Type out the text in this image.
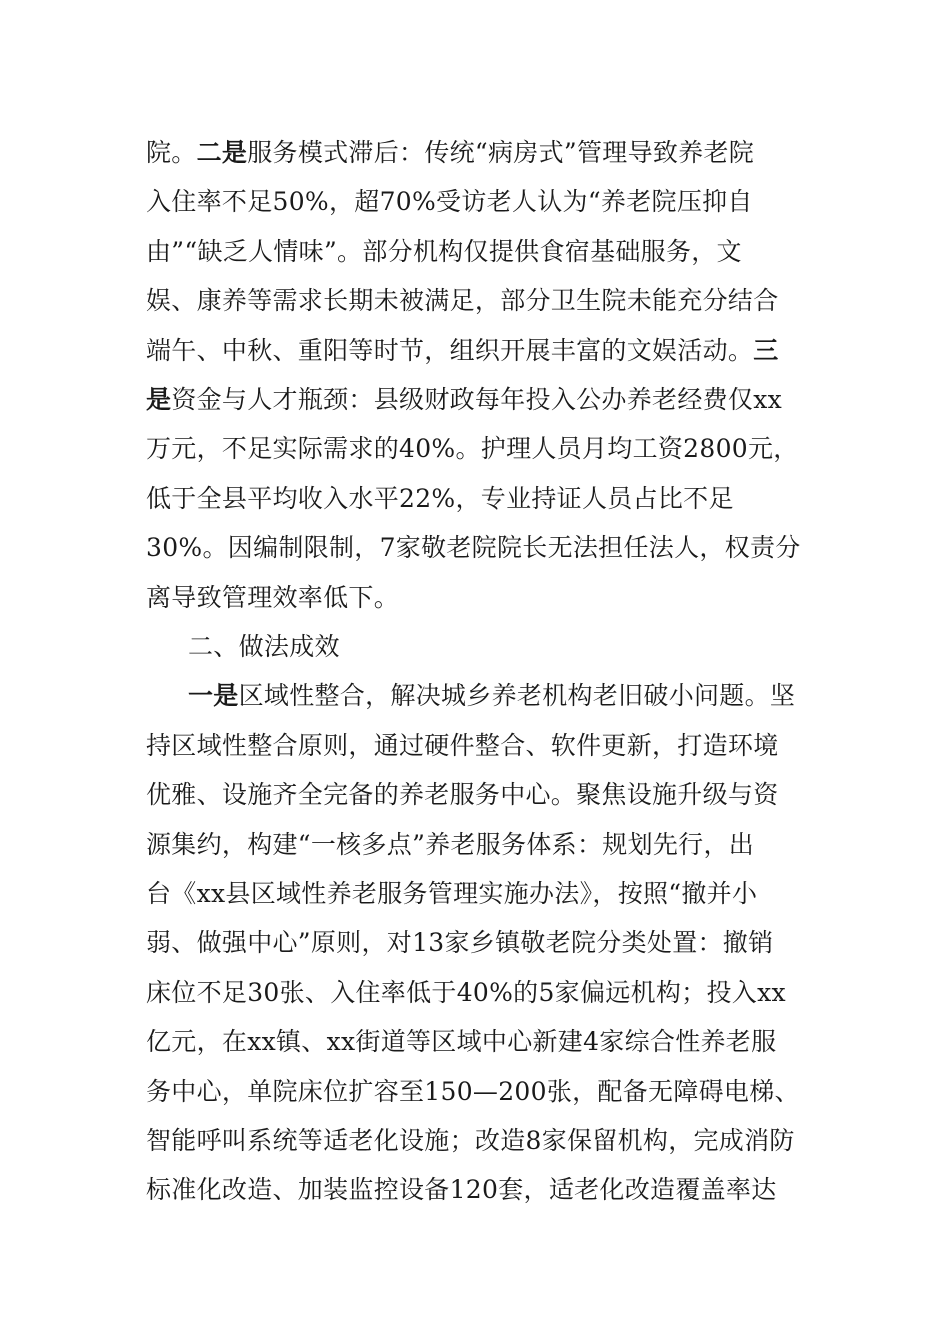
院。二是服务模式滞后：传统“病房式”管理导致养老院
入住率不足50%，超70%受访老人认为“养老院压抑自
由”“缺乏人情味”。部分机构仅提供食宿基础服务，文
娱、康养等需求长期未被满足，部分卫生院未能充分结合
端午、中秋、重阳等时节，组织开展丰富的文娱活动。三
是资金与人才瓶颈：县级财政每年投入公办养老经费仅xx
万元，不足实际需求的40%。护理人员月均工资2800元，
低于全县平均收入水平22%，专业持证人员占比不足
30%。因编制限制，7家敬老院院长无法担任法人，权责分
离导致管理效率低下。
二、做法成效
一是区域性整合，解决城乡养老机构老旧破小问题。坚
持区域性整合原则，通过硬件整合、软件更新，打造环境
优雅、设施齐全完备的养老服务中心。聚焦设施升级与资
源集约，构建“一核多点”养老服务体系：规划先行，出
台《xx县区域性养老服务管理实施办法》，按照“撤并小
弱、做强中心”原则，对13家乡镇敬老院分类处置：撤销
床位不足30张、入住率低于40%的5家偏远机构；投入xx
亿元，在xx镇、xx街道等区域中心新建4家综合性养老服
务中心，单院床位扩容至150—200张，配备无障碍电梯、
智能呼叫系统等适老化设施；改造8家保留机构，完成消防
标准化改造、加装监控设备120套，适老化改造覆盖率达
